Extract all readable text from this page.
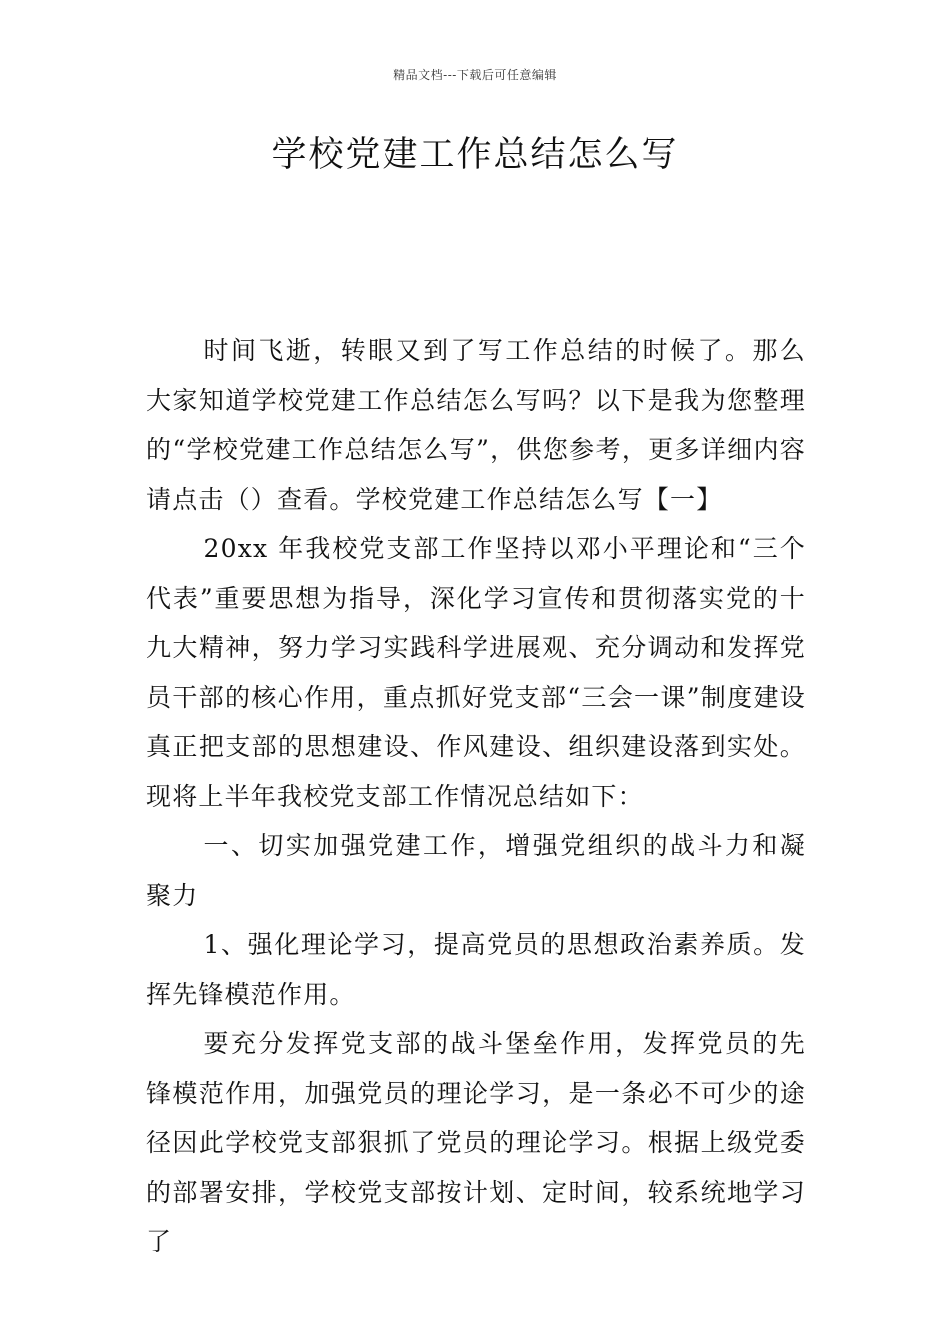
精品文档---下载后可任意编辑
学校党建工作总结怎么写

时间飞逝，转眼又到了写工作总结的时候了。那么大家知道学校党建工作总结怎么写吗？以下是我为您整理的“学校党建工作总结怎么写”，供您参考，更多详细内容请点击（）查看。学校党建工作总结怎么写【一】

20xx 年我校党支部工作坚持以邓小平理论和“三个代表”重要思想为指导，深化学习宣传和贯彻落实党的十九大精神，努力学习实践科学进展观、充分调动和发挥党员干部的核心作用，重点抓好党支部“三会一课”制度建设真正把支部的思想建设、作风建设、组织建设落到实处。现将上半年我校党支部工作情况总结如下：

一、切实加强党建工作，增强党组织的战斗力和凝聚力

1、强化理论学习，提高党员的思想政治素养质。发挥先锋模范作用。

要充分发挥党支部的战斗堡垒作用，发挥党员的先锋模范作用，加强党员的理论学习，是一条必不可少的途径因此学校党支部狠抓了党员的理论学习。根据上级党委的部署安排，学校党支部按计划、定时间，较系统地学习了
